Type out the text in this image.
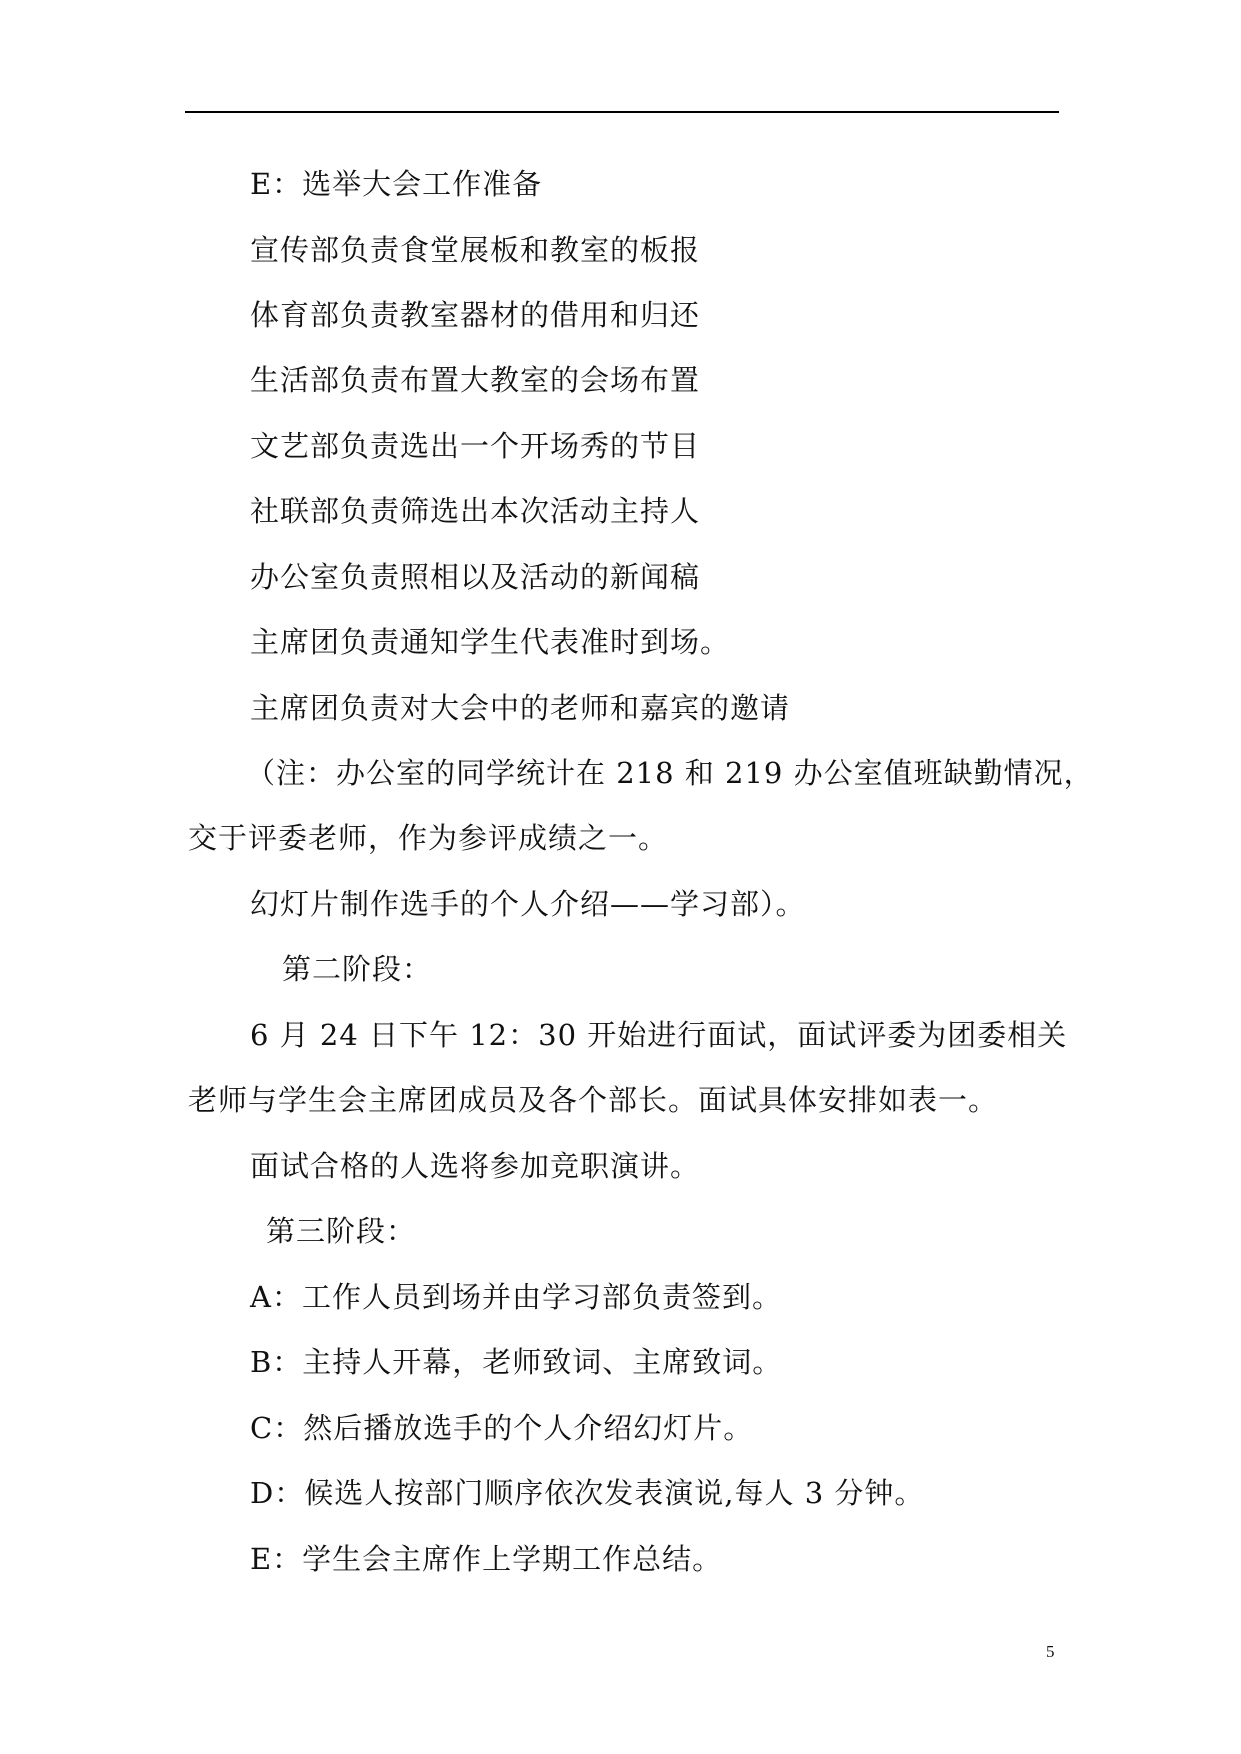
E：选举大会工作准备
宣传部负责食堂展板和教室的板报
体育部负责教室器材的借用和归还
生活部负责布置大教室的会场布置
文艺部负责选出一个开场秀的节目
社联部负责筛选出本次活动主持人
办公室负责照相以及活动的新闻稿
主席团负责通知学生代表准时到场。
主席团负责对大会中的老师和嘉宾的邀请
（注：办公室的同学统计在 218 和 219 办公室值班缺勤情况，
交于评委老师，作为参评成绩之一。
幻灯片制作选手的个人介绍——学习部）。
第二阶段：
6 月 24 日下午 12：30 开始进行面试，面试评委为团委相关
老师与学生会主席团成员及各个部长。面试具体安排如表一。
面试合格的人选将参加竞职演讲。
第三阶段：
A：工作人员到场并由学习部负责签到。
B：主持人开幕，老师致词、主席致词。
C：然后播放选手的个人介绍幻灯片。
D：候选人按部门顺序依次发表演说,每人 3 分钟。
E：学生会主席作上学期工作总结。
5
